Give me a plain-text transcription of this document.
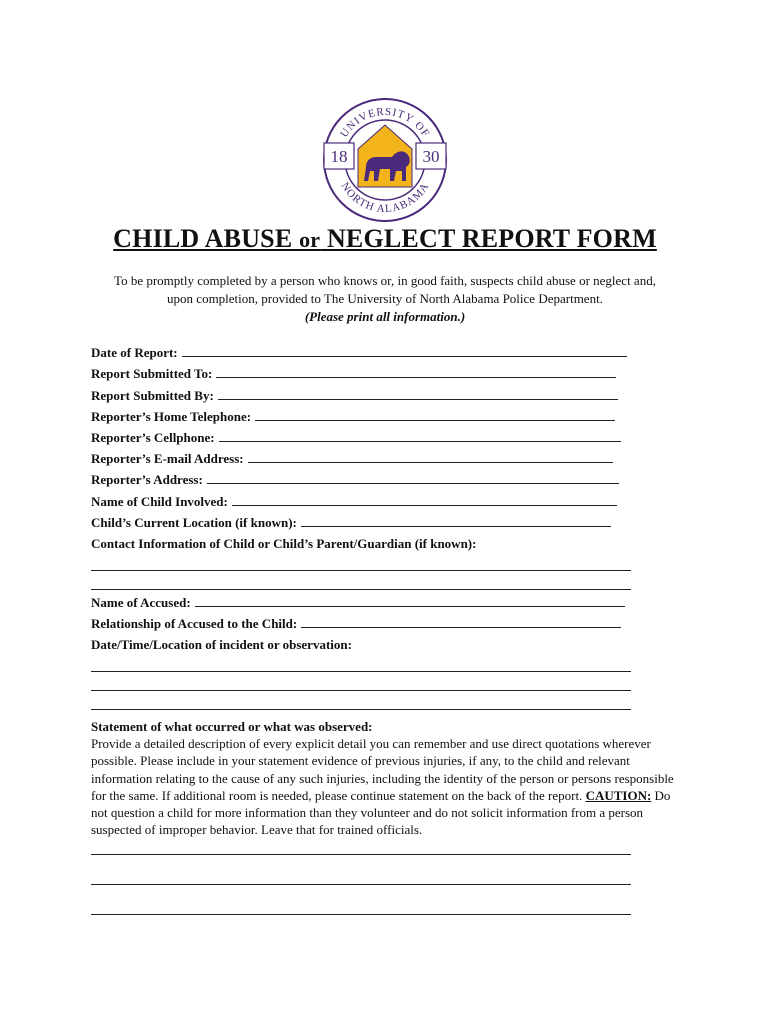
UNIVERSITY OF
NORTH ALABAMA
18	30
CHILD ABUSE or NEGLECT REPORT FORM
To be promptly completed by a person who knows or, in good faith, suspects child abuse or neglect and,
upon completion, provided to The University of North Alabama Police Department.
(Please print all information.)
Date of Report:
Report Submitted To:
Report Submitted By:
Reporter’s Home Telephone:
Reporter’s Cellphone:
Reporter’s E-mail Address:
Reporter’s Address:
Name of Child Involved:
Child’s Current Location (if known):
Contact Information of Child or Child’s Parent/Guardian (if known):
Name of Accused:
Relationship of Accused to the Child:
Date/Time/Location of incident or observation:
Statement of what occurred or what was observed:
Provide a detailed description of every explicit detail you can remember and use direct quotations wherever possible. Please include in your statement evidence of previous injuries, if any, to the child and relevant information relating to the cause of any such injuries, including the identity of the person or persons responsible for the same. If additional room is needed, please continue statement on the back of the report. CAUTION: Do not question a child for more information than they volunteer and do not solicit information from a person suspected of improper behavior. Leave that for trained officials.
